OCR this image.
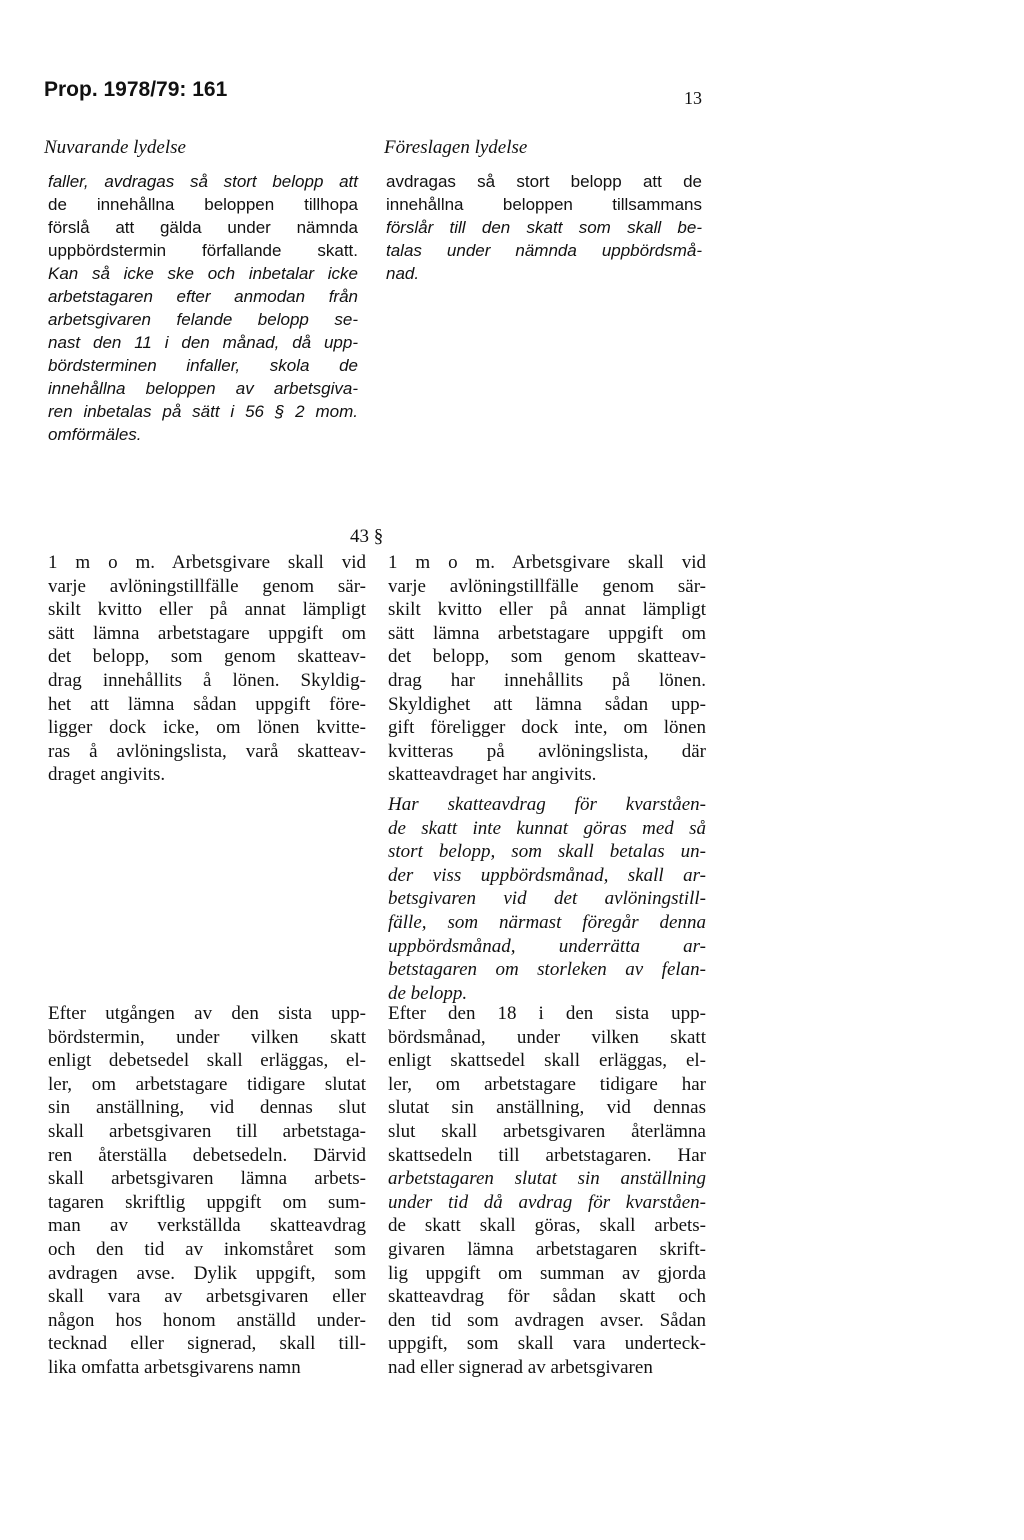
Prop. 1978/79: 161	13
Nuvarande lydelse	Föreslagen lydelse
faller, avdragas så stort belopp att
de innehållna beloppen tillhopa
förslå att gälda under nämnda
uppbördstermin förfallande skatt.
Kan så icke ske och inbetalar icke
arbetstagaren efter anmodan från
arbetsgivaren felande belopp se-
nast den 11 i den månad, då upp-
bördsterminen infaller, skola de
innehållna beloppen av arbetsgiva-
ren inbetalas på sätt i 56 § 2 mom.
omförmäles.
avdragas så stort belopp att de
innehållna beloppen tillsammans
förslår till den skatt som skall be-
talas under nämnda uppbördsmå-
nad.
43 §
1 m o m. Arbetsgivare skall vid
varje avlöningstillfälle genom sär-
skilt kvitto eller på annat lämpligt
sätt lämna arbetstagare uppgift om
det belopp, som genom skatteav-
drag innehållits å lönen. Skyldig-
het att lämna sådan uppgift före-
ligger dock icke, om lönen kvitte-
ras å avlöningslista, varå skatteav-
draget angivits.
1 m o m. Arbetsgivare skall vid
varje avlöningstillfälle genom sär-
skilt kvitto eller på annat lämpligt
sätt lämna arbetstagare uppgift om
det belopp, som genom skatteav-
drag har innehållits på lönen.
Skyldighet att lämna sådan upp-
gift föreligger dock inte, om lönen
kvitteras på avlöningslista, där
skatteavdraget har angivits.
Har skatteavdrag för kvarståen-
de skatt inte kunnat göras med så
stort belopp, som skall betalas un-
der viss uppbördsmånad, skall ar-
betsgivaren vid det avlöningstill-
fälle, som närmast föregår denna
uppbördsmånad, underrätta ar-
betstagaren om storleken av felan-
de belopp.
Efter utgången av den sista upp-
bördstermin, under vilken skatt
enligt debetsedel skall erläggas, el-
ler, om arbetstagare tidigare slutat
sin anställning, vid dennas slut
skall arbetsgivaren till arbetstaga-
ren återställa debetsedeln. Därvid
skall arbetsgivaren lämna arbets-
tagaren skriftlig uppgift om sum-
man av verkställda skatteavdrag
och den tid av inkomståret som
avdragen avse. Dylik uppgift, som
skall vara av arbetsgivaren eller
någon hos honom anställd under-
tecknad eller signerad, skall till-
lika omfatta arbetsgivarens namn
Efter den 18 i den sista upp-
bördsmånad, under vilken skatt
enligt skattsedel skall erläggas, el-
ler, om arbetstagare tidigare har
slutat sin anställning, vid dennas
slut skall arbetsgivaren återlämna
skattsedeln till arbetstagaren. Har
arbetstagaren slutat sin anställning
under tid då avdrag för kvarståen-
de skatt skall göras, skall arbets-
givaren lämna arbetstagaren skrift-
lig uppgift om summan av gjorda
skatteavdrag för sådan skatt och
den tid som avdragen avser. Sådan
uppgift, som skall vara underteck-
nad eller signerad av arbetsgivaren
